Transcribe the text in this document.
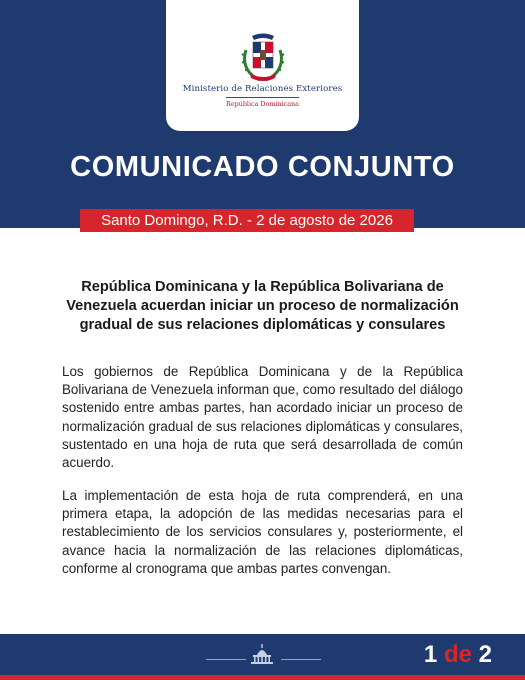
Ministerio de Relaciones Exteriores
República Dominicana
COMUNICADO CONJUNTO
Santo Domingo, R.D. - 2 de agosto de 2026
República Dominicana y la República Bolivariana de Venezuela acuerdan iniciar un proceso de normalización gradual de sus relaciones diplomáticas y consulares
Los gobiernos de República Dominicana y de la República Bolivariana de Venezuela informan que, como resultado del diálogo sostenido entre ambas partes, han acordado iniciar un proceso de normalización gradual de sus relaciones diplomáticas y consulares, sustentado en una hoja de ruta que será desarrollada de común acuerdo.
La implementación de esta hoja de ruta comprenderá, en una primera etapa, la adopción de las medidas necesarias para el restablecimiento de los servicios consulares y, posteriormente, el avance hacia la normalización de las relaciones diplomáticas, conforme al cronograma que ambas partes convengan.
1 de 2
